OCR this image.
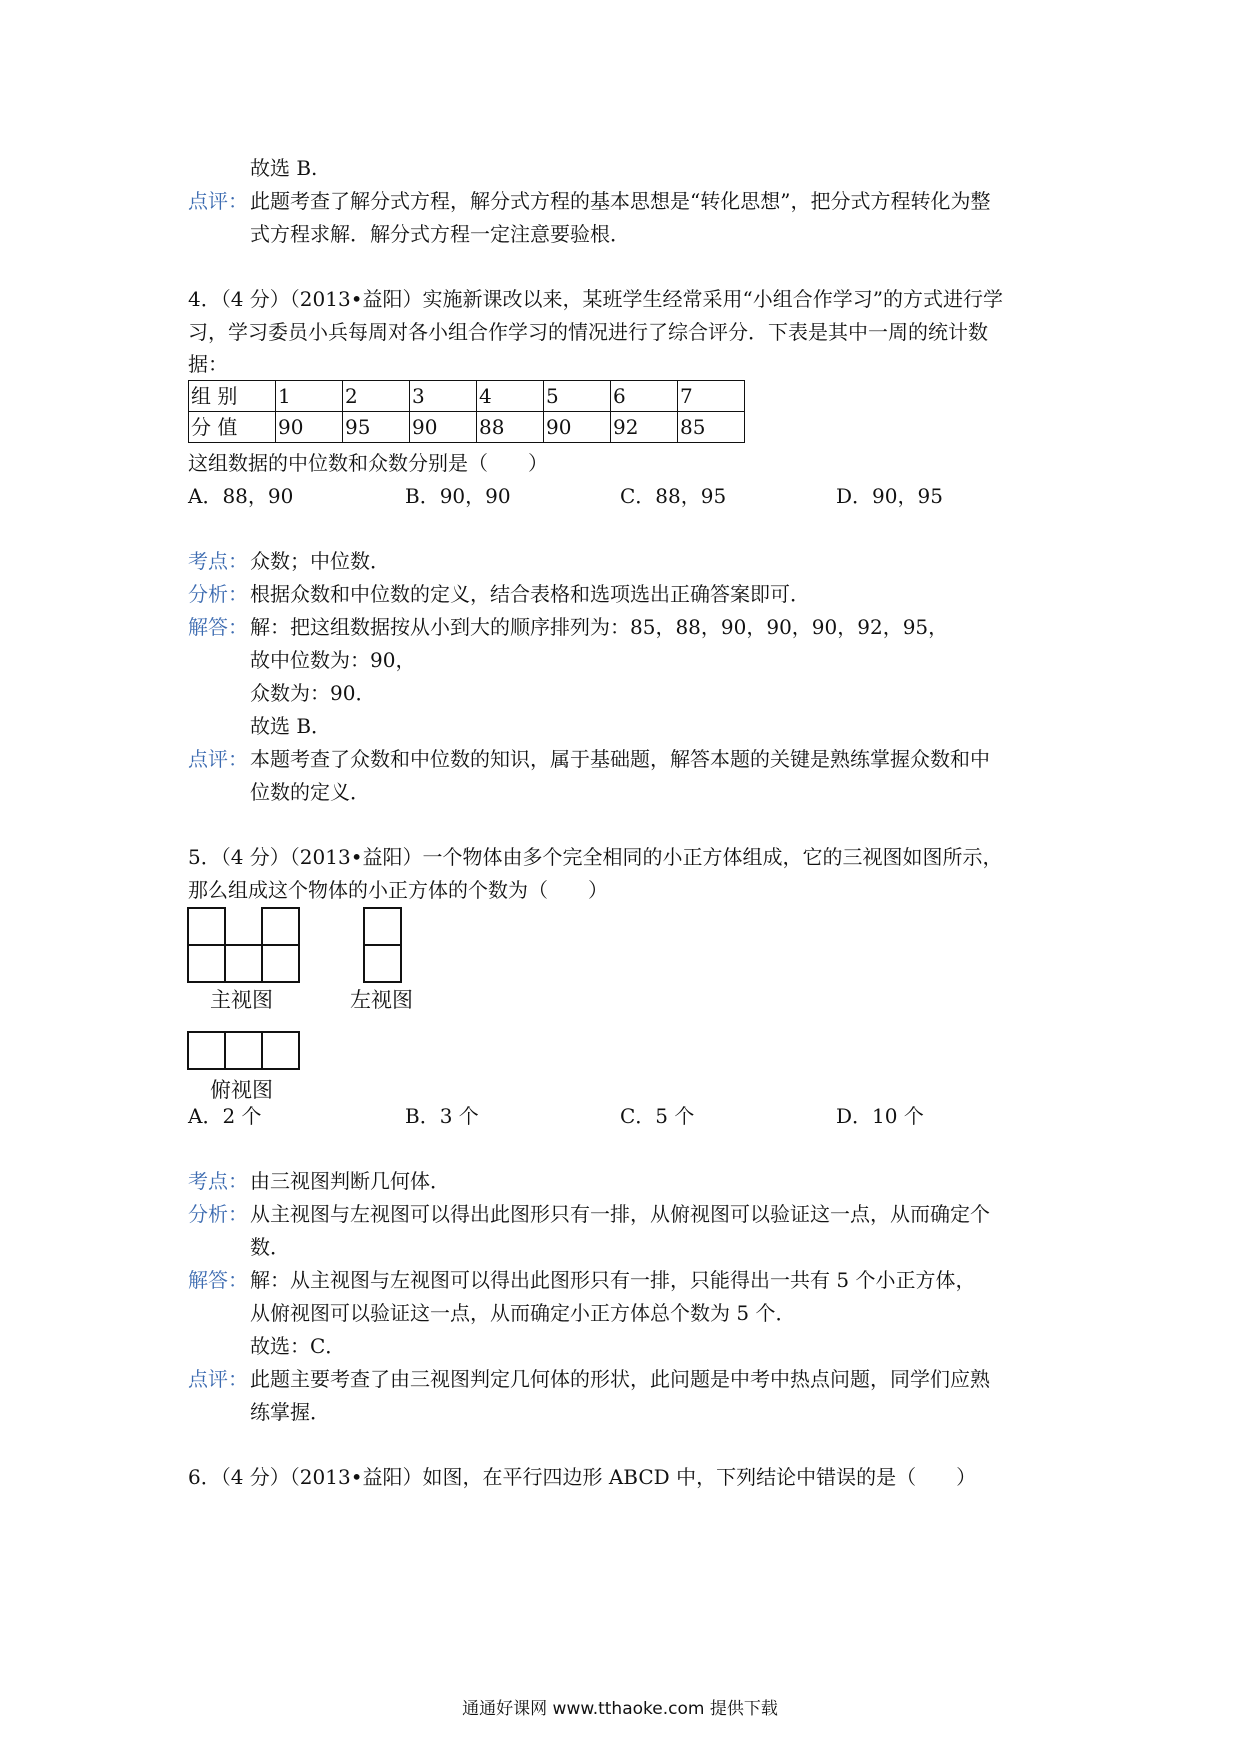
故选 B.
点评： 此题考查了解分式方程，解分式方程的基本思想是“转化思想”，把分式方程转化为整
式方程求解．解分式方程一定注意要验根．
4．（4 分）（2013•益阳）实施新课改以来，某班学生经常采用“小组合作学习”的方式进行学
习，学习委员小兵每周对各小组合作学习的情况进行了综合评分．下表是其中一周的统计数
据：
组 别	1	2	3	4	5	6	7
分 值	90	95	90	88	90	92	85
这组数据的中位数和众数分别是（　　）
A．88，90	B．90，90	C．88，95	D．90，95
考点： 众数；中位数．
分析： 根据众数和中位数的定义，结合表格和选项选出正确答案即可．
解答： 解：把这组数据按从小到大的顺序排列为：85，88，90，90，90，92，95，
故中位数为：90，
众数为：90．
故选 B．
点评： 本题考查了众数和中位数的知识，属于基础题，解答本题的关键是熟练掌握众数和中
位数的定义．
5．（4 分）（2013•益阳）一个物体由多个完全相同的小正方体组成，它的三视图如图所示，
那么组成这个物体的小正方体的个数为（　　）
主视图	左视图
俯视图
A．2 个	B．3 个	C．5 个	D．10 个
考点： 由三视图判断几何体．
分析： 从主视图与左视图可以得出此图形只有一排，从俯视图可以验证这一点，从而确定个
数．
解答： 解：从主视图与左视图可以得出此图形只有一排，只能得出一共有 5 个小正方体，
从俯视图可以验证这一点，从而确定小正方体总个数为 5 个．
故选：C．
点评： 此题主要考查了由三视图判定几何体的形状，此问题是中考中热点问题，同学们应熟
练掌握．
6．（4 分）（2013•益阳）如图，在平行四边形 ABCD 中，下列结论中错误的是（　　）
通通好课网 www.tthaoke.com 提供下载
